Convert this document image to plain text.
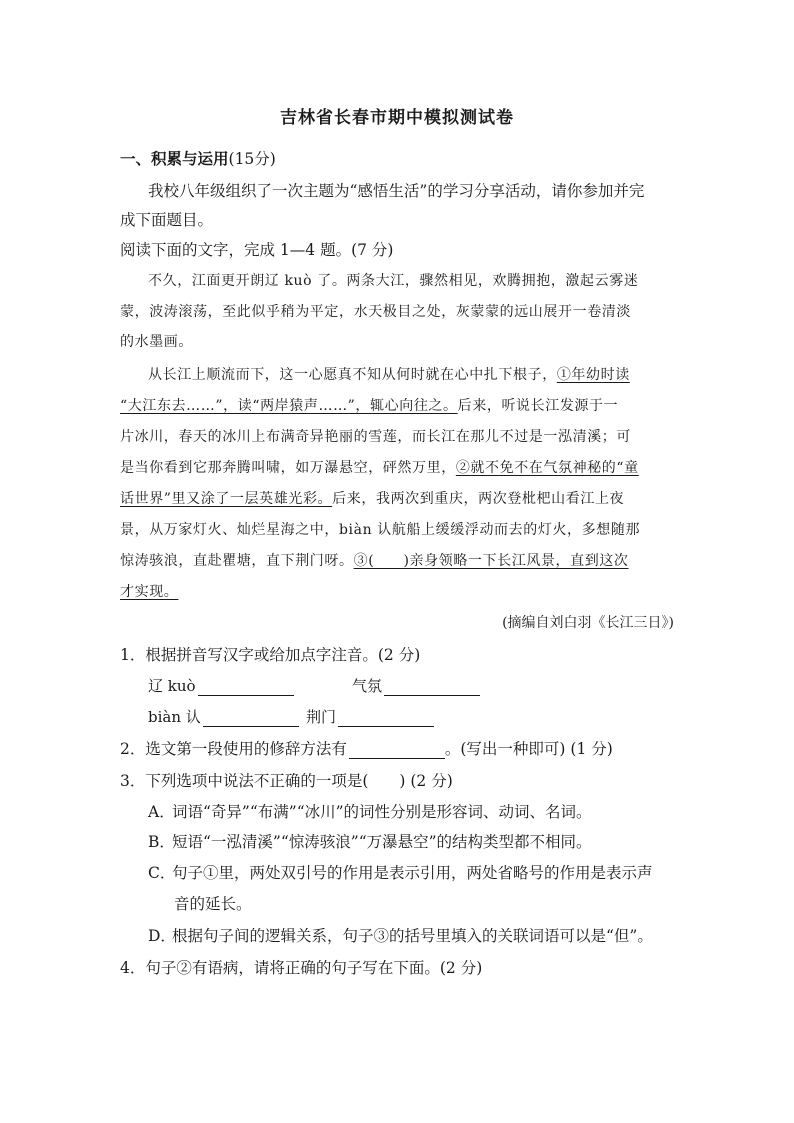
吉林省长春市期中模拟测试卷
一、积累与运用(15分)
我校八年级组织了一次主题为“感悟生活”的学习分享活动，请你参加并完
成下面题目。
阅读下面的文字，完成 1—4 题。(7 分)
不久，江面更开朗辽 kuò 了。两条大江，骤然相见，欢腾拥抱，激起云雾迷
蒙，波涛滚荡，至此似乎稍为平定，水天极目之处，灰蒙蒙的远山展开一卷清淡
的水墨画。
从长江上顺流而下，这一心愿真不知从何时就在心中扎下根子，①年幼时读
“大江东去……”，读“两岸猿声……”，辄心向往之。后来，听说长江发源于一
片冰川，春天的冰川上布满奇异艳丽的雪莲，而长江在那儿不过是一泓清溪；可
是当你看到它那奔腾叫啸，如万瀑悬空，砰然万里，②就不免不在气氛神秘的“童
话世界”里又涂了一层英雄光彩。后来，我两次到重庆，两次登枇杷山看江上夜
景，从万家灯火、灿烂星海之中，biàn 认航船上缓缓浮动而去的灯火，多想随那
惊涛骇浪，直赴瞿塘，直下荆门呀。③(　　)亲身领略一下长江风景，直到这次
才实现。
(摘编自刘白羽《长江三日》)
1．根据拼音写汉字或给加点字注音。(2 分)
辽 kuò	气氛
biàn 认	荆门
2．选文第一段使用的修辞方法有	。(写出一种即可) (1 分)
3．下列选项中说法不正确的一项是(　　) (2 分)
A．词语“奇异”“布满”“冰川”的词性分别是形容词、动词、名词。
B．短语“一泓清溪”“惊涛骇浪”“万瀑悬空”的结构类型都不相同。
C．句子①里，两处双引号的作用是表示引用，两处省略号的作用是表示声
音的延长。
D．根据句子间的逻辑关系，句子③的括号里填入的关联词语可以是“但”。
4．句子②有语病，请将正确的句子写在下面。(2 分)
